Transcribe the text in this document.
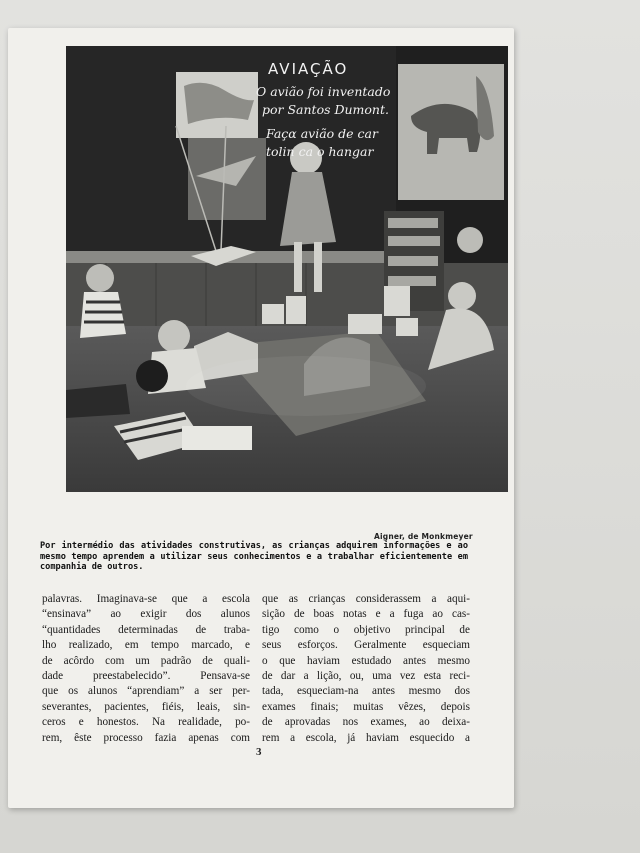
AVIAÇÃO
O avião foi inventado
por Santos Dumont.
Façα avião de car
tolin ca o hangar
Aigner, de Monkmeyer
Por intermédio das atividades construtivas, as crianças adquirem informações e ao mesmo tempo aprendem a utilizar seus conhecimentos e a trabalhar eficientemente em companhia de outros.
palavras. Imaginava-se que a escola
“ensinava” ao exigir dos alunos
“quantidades determinadas de traba-
lho realizado, em tempo marcado, e
de acôrdo com um padrão de quali-
dade preestabelecido”. Pensava-se
que os alunos “aprendiam” a ser per-
severantes, pacientes, fiéis, leais, sin-
ceros e honestos. Na realidade, po-
rem, êste processo fazia apenas com
que as crianças considerassem a aqui-
sição de boas notas e a fuga ao cas-
tigo como o objetivo principal de
seus esforços. Geralmente esqueciam
o que haviam estudado antes mesmo
de dar a lição, ou, uma vez esta reci-
tada, esqueciam-na antes mesmo dos
exames finais; muitas vêzes, depois
de aprovadas nos exames, ao deixa-
rem a escola, já haviam esquecido a
3
